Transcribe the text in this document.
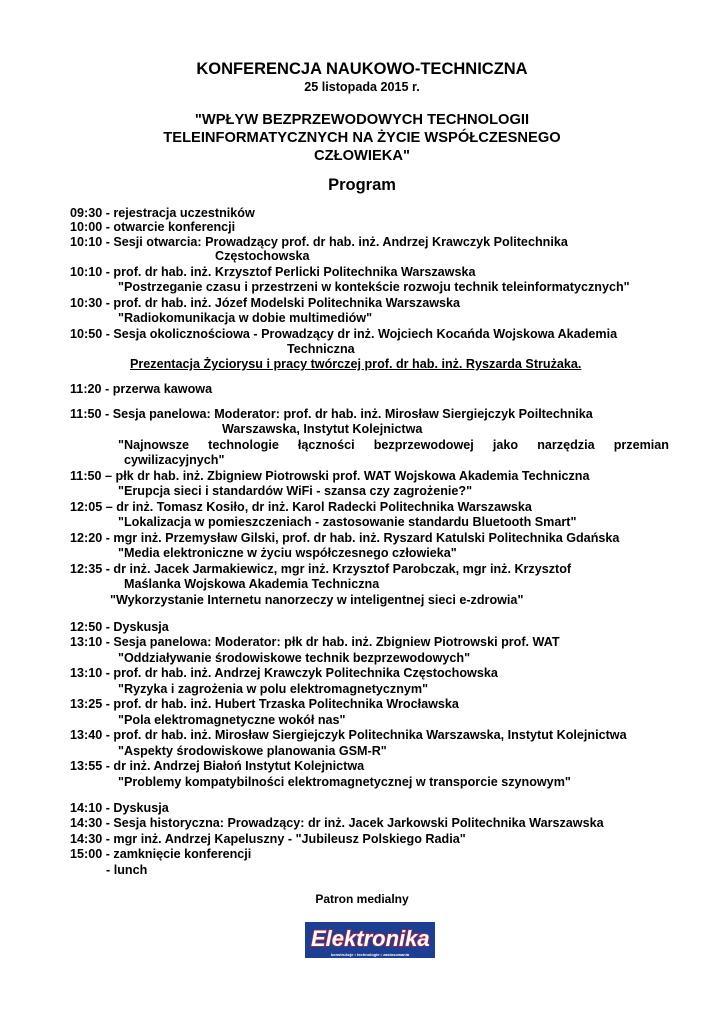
KONFERENCJA NAUKOWO-TECHNICZNA
25 listopada 2015 r.
"WPŁYW BEZPRZEWODOWYCH TECHNOLOGII
TELEINFORMATYCZNYCH NA ŻYCIE WSPÓŁCZESNEGO
CZŁOWIEKA"
Program
09:30 - rejestracja uczestników
10:00 - otwarcie konferencji
10:10 - Sesji otwarcia: Prowadzący prof. dr hab. inż. Andrzej Krawczyk Politechnika
Częstochowska
10:10 - prof. dr hab. inż. Krzysztof Perlicki Politechnika Warszawska
"Postrzeganie czasu i przestrzeni w kontekście rozwoju technik teleinformatycznych"
10:30 - prof. dr hab. inż. Józef Modelski Politechnika Warszawska
"Radiokomunikacja w dobie multimediów"
10:50 - Sesja okolicznościowa - Prowadzący dr inż. Wojciech Kocańda Wojskowa Akademia
Techniczna
Prezentacja Życiorysu i pracy twórczej prof. dr hab. inż. Ryszarda Strużaka.
11:20 - przerwa kawowa
11:50 - Sesja panelowa: Moderator: prof. dr hab. inż. Mirosław Siergiejczyk Poiltechnika
Warszawska, Instytut Kolejnictwa
"Najnowsze technologie łączności bezprzewodowej jako narzędzia przemian
cywilizacyjnych"
11:50 – płk dr hab. inż. Zbigniew Piotrowski prof. WAT Wojskowa Akademia Techniczna
"Erupcja sieci i standardów WiFi - szansa czy zagrożenie?"
12:05 – dr inż. Tomasz Kosiło, dr inż. Karol Radecki Politechnika Warszawska
"Lokalizacja w pomieszczeniach - zastosowanie standardu Bluetooth Smart"
12:20 - mgr inż. Przemysław Gilski, prof. dr hab. inż. Ryszard Katulski Politechnika Gdańska
"Media elektroniczne w życiu współczesnego człowieka"
12:35 - dr inż. Jacek Jarmakiewicz, mgr inż. Krzysztof Parobczak, mgr inż. Krzysztof
Maślanka Wojskowa Akademia Techniczna
"Wykorzystanie Internetu nanorzeczy w inteligentnej sieci e-zdrowia"
12:50 - Dyskusja
13:10 - Sesja panelowa: Moderator: płk dr hab. inż. Zbigniew Piotrowski prof. WAT
"Oddziaływanie środowiskowe technik bezprzewodowych"
13:10 - prof. dr hab. inż. Andrzej Krawczyk Politechnika Częstochowska
"Ryzyka i zagrożenia w polu elektromagnetycznym"
13:25 - prof. dr hab. inż. Hubert Trzaska Politechnika Wrocławska
"Pola elektromagnetyczne wokół nas"
13:40 - prof. dr hab. inż. Mirosław Siergiejczyk Politechnika Warszawska, Instytut Kolejnictwa
"Aspekty środowiskowe planowania GSM-R"
13:55 - dr inż. Andrzej Białoń Instytut Kolejnictwa
"Problemy kompatybilności elektromagnetycznej w transporcie szynowym"
14:10 - Dyskusja
14:30 - Sesja historyczna: Prowadzący: dr inż. Jacek Jarkowski Politechnika Warszawska
14:30 - mgr inż. Andrzej Kapeluszny - "Jubileusz Polskiego Radia"
15:00 - zamknięcie konferencji
- lunch
Patron medialny
Elektronika
konstrukcje • technologie • zastosowania
